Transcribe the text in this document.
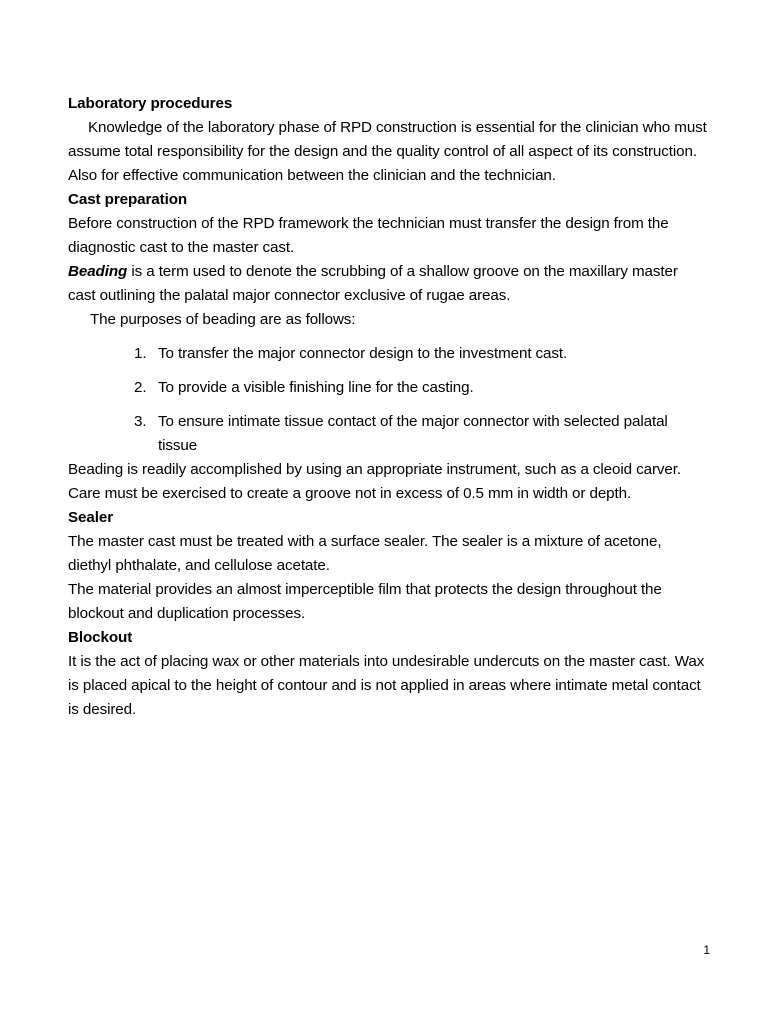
Laboratory procedures

Knowledge of the laboratory phase of RPD construction is essential for the clinician who must assume total responsibility for the design and the quality control of all aspect of its construction. Also for effective communication between the clinician and the technician.

Cast preparation

Before construction of the RPD framework the technician must transfer the design from the diagnostic cast to the master cast.

Beading is a term used to denote the scrubbing of a shallow groove on the maxillary master cast outlining the palatal major connector exclusive of rugae areas.

The purposes of beading are as follows:

1. To transfer the major connector design to the investment cast.
2. To provide a visible finishing line for the casting.
3. To ensure intimate tissue contact of the major connector with selected palatal tissue

Beading is readily accomplished by using an appropriate instrument, such as a cleoid carver. Care must be exercised to create a groove not in excess of 0.5 mm in width or depth.

Sealer

The master cast must be treated with a surface sealer. The sealer is a mixture of acetone, diethyl phthalate, and cellulose acetate.

The material provides an almost imperceptible film that protects the design throughout the blockout and duplication processes.

Blockout

It is the act of placing wax or other materials into undesirable undercuts on the master cast. Wax is placed apical to the height of contour and is not applied in areas where intimate metal contact is desired.

1
